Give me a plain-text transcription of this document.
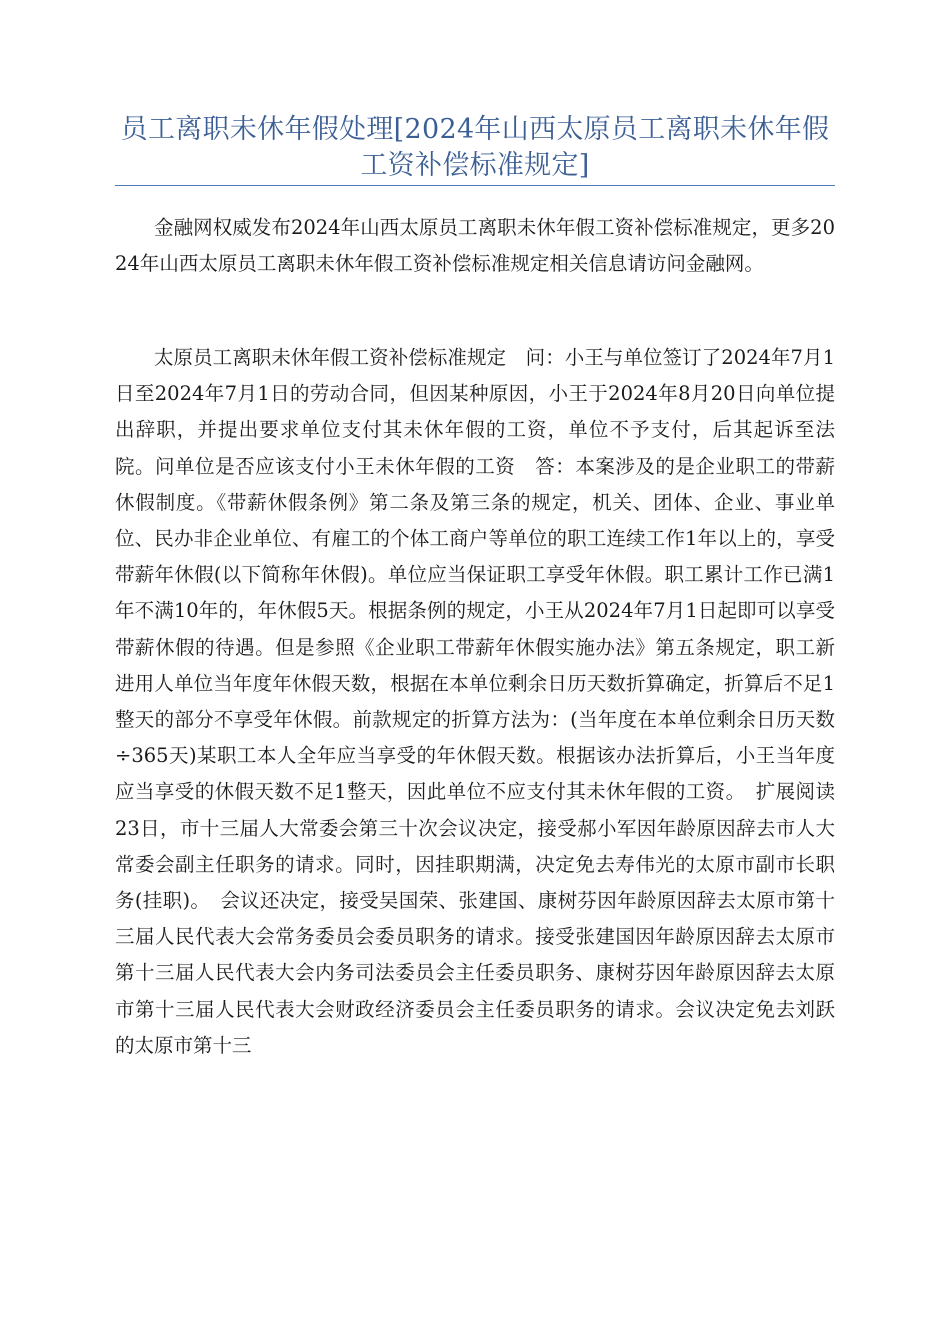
员工离职未休年假处理[2024年山西太原员工离职未休年假工资补偿标准规定]

金融网权威发布2024年山西太原员工离职未休年假工资补偿标准规定，更多2024年山西太原员工离职未休年假工资补偿标准规定相关信息请访问金融网。

太原员工离职未休年假工资补偿标准规定　问：小王与单位签订了2024年7月1日至2024年7月1日的劳动合同，但因某种原因，小王于2024年8月20日向单位提出辞职，并提出要求单位支付其未休年假的工资，单位不予支付，后其起诉至法院。问单位是否应该支付小王未休年假的工资　答：本案涉及的是企业职工的带薪休假制度。《带薪休假条例》第二条及第三条的规定，机关、团体、企业、事业单位、民办非企业单位、有雇工的个体工商户等单位的职工连续工作1年以上的，享受带薪年休假(以下简称年休假)。单位应当保证职工享受年休假。职工累计工作已满1年不满10年的，年休假5天。根据条例的规定，小王从2024年7月1日起即可以享受带薪休假的待遇。但是参照《企业职工带薪年休假实施办法》第五条规定，职工新进用人单位当年度年休假天数，根据在本单位剩余日历天数折算确定，折算后不足1整天的部分不享受年休假。前款规定的折算方法为：(当年度在本单位剩余日历天数÷365天)某职工本人全年应当享受的年休假天数。根据该办法折算后，小王当年度应当享受的休假天数不足1整天，因此单位不应支付其未休年假的工资。　扩展阅读　23日，市十三届人大常委会第三十次会议决定，接受郝小军因年龄原因辞去市人大常委会副主任职务的请求。同时，因挂职期满，决定免去寿伟光的太原市副市长职务(挂职)。　会议还决定，接受吴国荣、张建国、康树芬因年龄原因辞去太原市第十三届人民代表大会常务委员会委员职务的请求。接受张建国因年龄原因辞去太原市第十三届人民代表大会内务司法委员会主任委员职务、康树芬因年龄原因辞去太原市第十三届人民代表大会财政经济委员会主任委员职务的请求。会议决定免去刘跃的太原市第十三
